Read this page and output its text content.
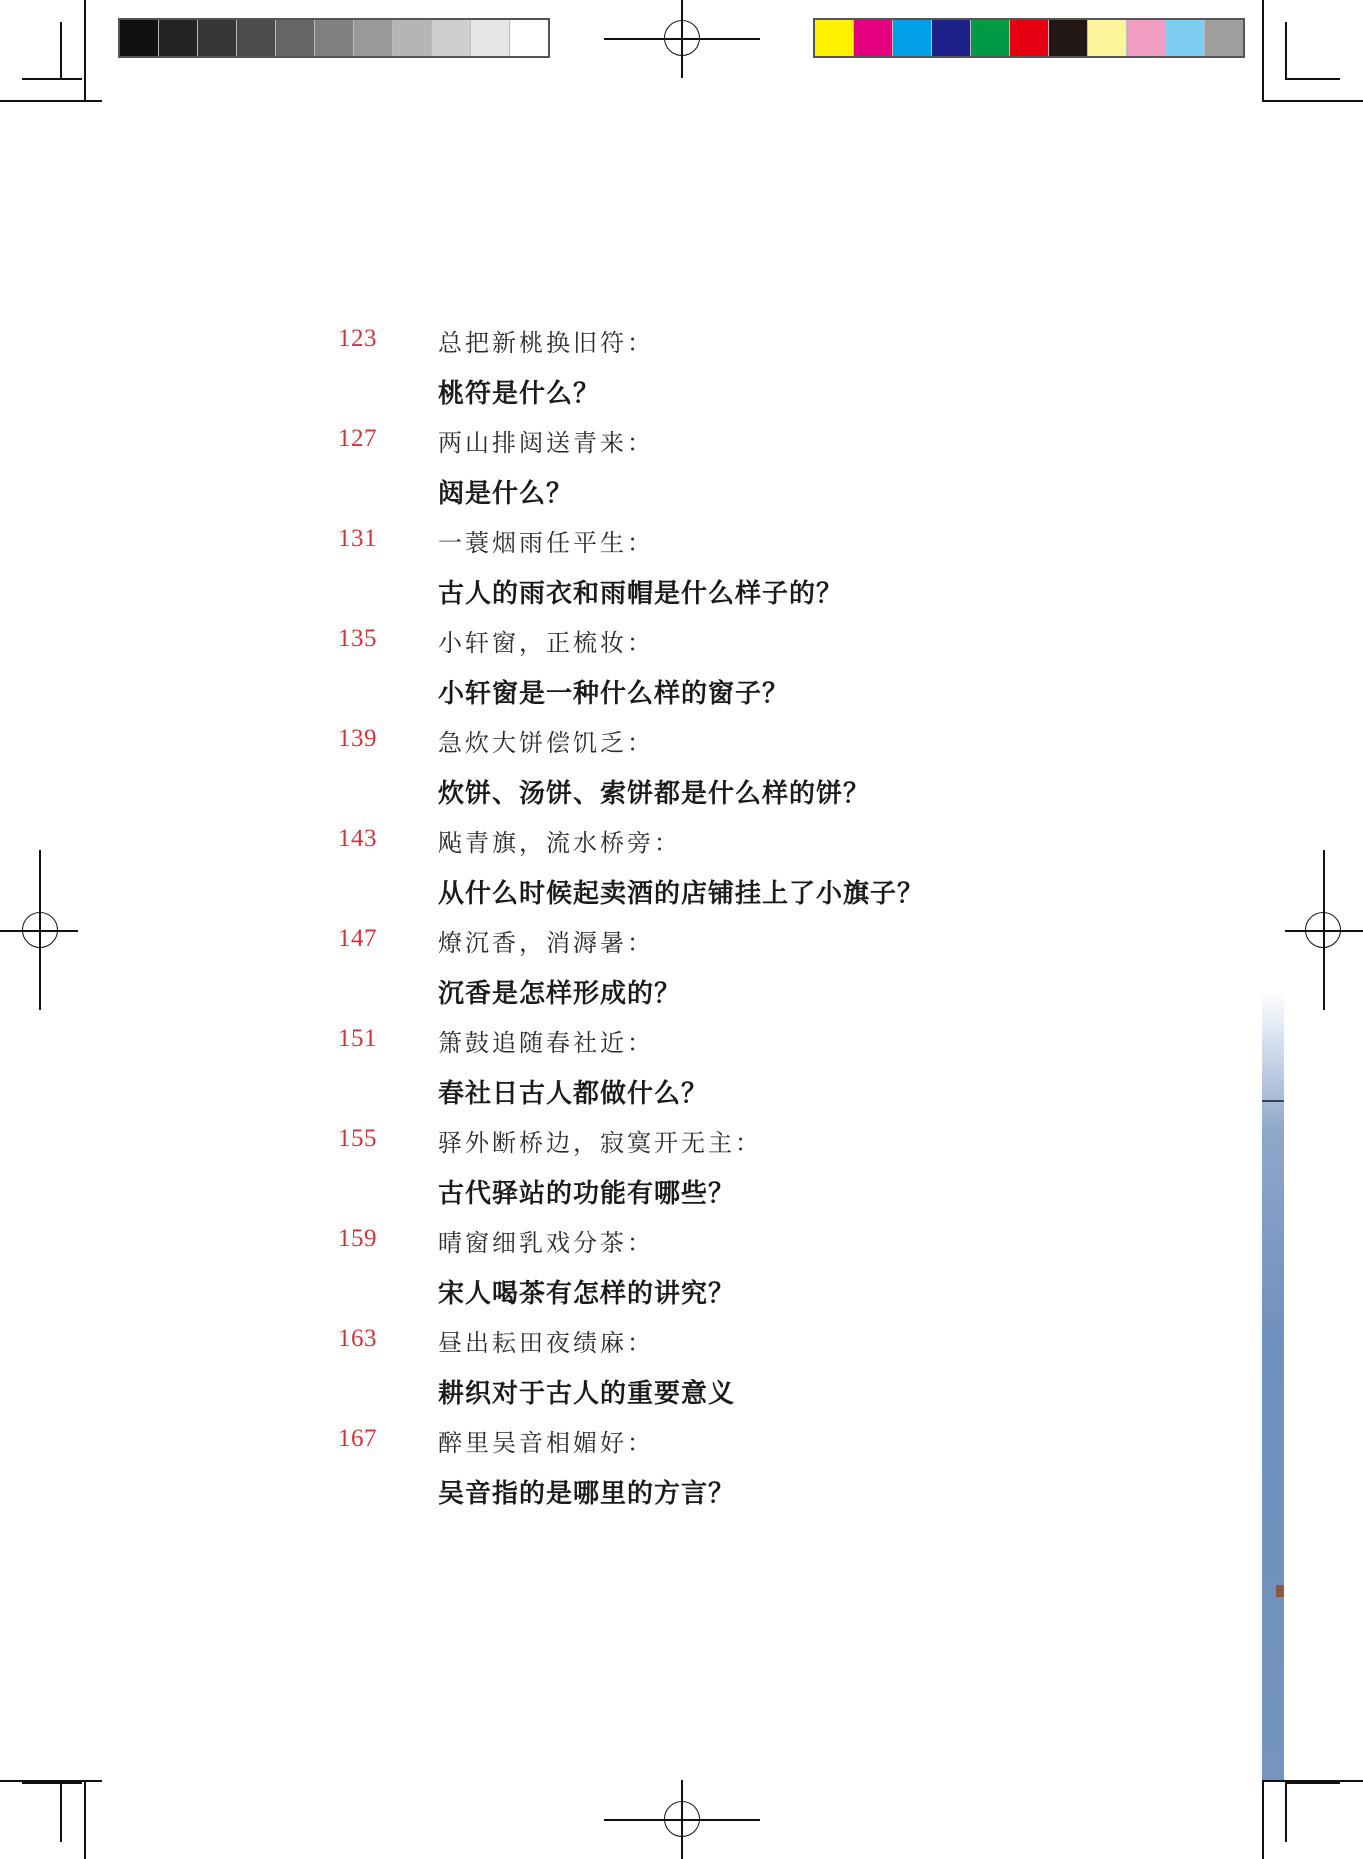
123	总把新桃换旧符：
桃符是什么？
127	两山排闼送青来：
闼是什么？
131	一蓑烟雨任平生：
古人的雨衣和雨帽是什么样子的？
135	小轩窗，正梳妆：
小轩窗是一种什么样的窗子？
139	急炊大饼偿饥乏：
炊饼、汤饼、索饼都是什么样的饼？
143	飐青旗，流水桥旁：
从什么时候起卖酒的店铺挂上了小旗子？
147	燎沉香，消溽暑：
沉香是怎样形成的？
151	箫鼓追随春社近：
春社日古人都做什么？
155	驿外断桥边，寂寞开无主：
古代驿站的功能有哪些？
159	晴窗细乳戏分茶：
宋人喝茶有怎样的讲究？
163	昼出耘田夜绩麻：
耕织对于古人的重要意义
167	醉里吴音相媚好：
吴音指的是哪里的方言？
